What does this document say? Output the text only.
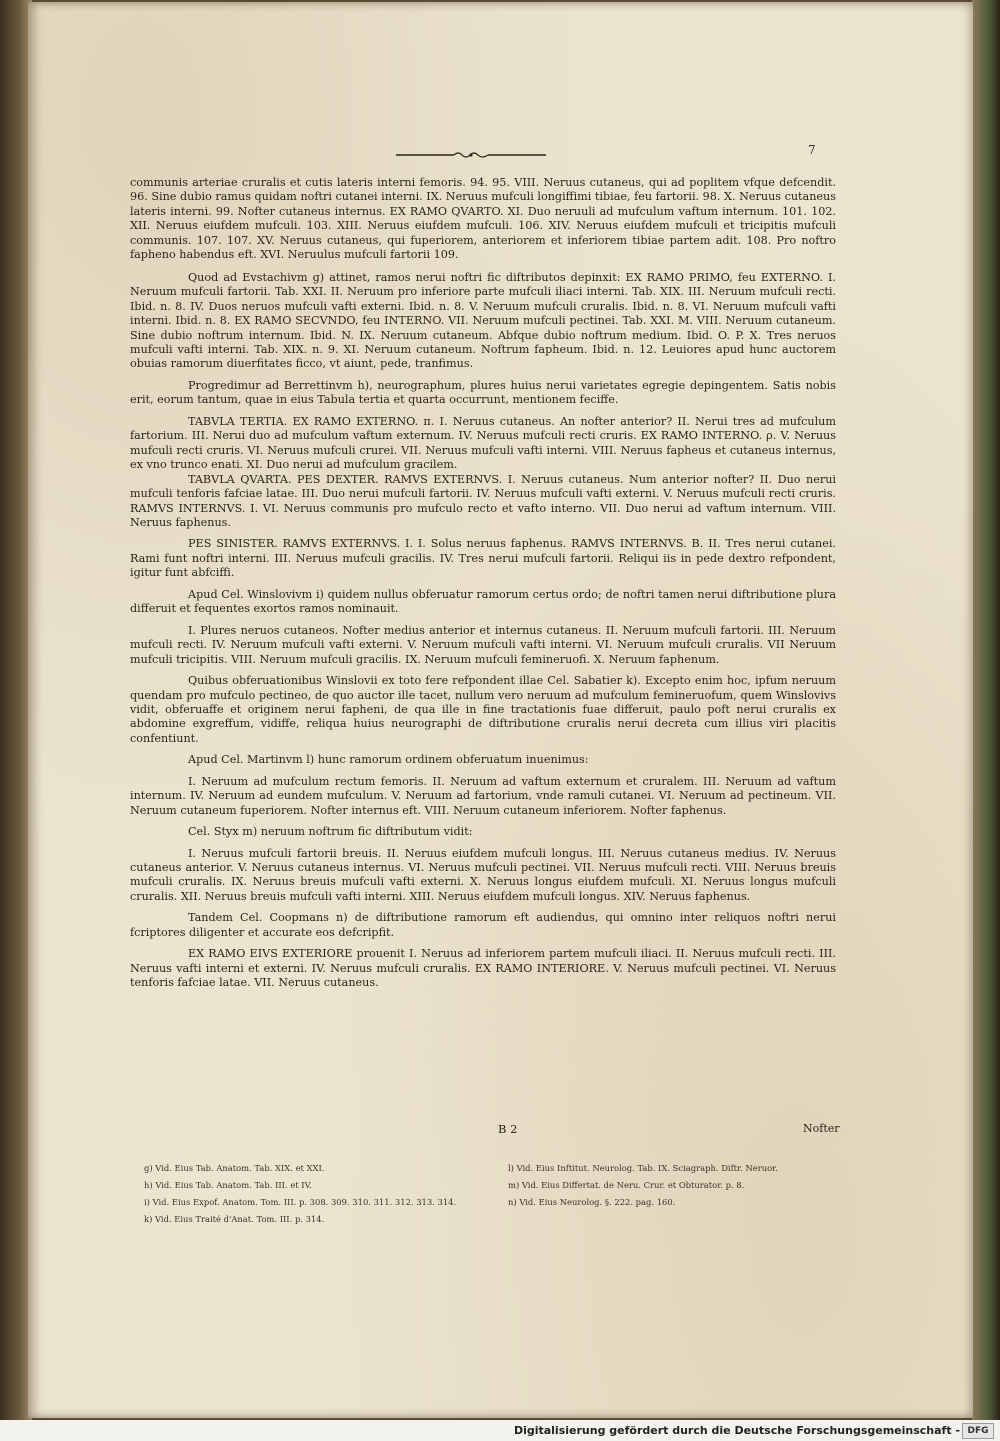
7

communis arteriae cruralis et cutis lateris interni femoris. 94. 95. VIII. Neruus cutaneus, qui ad poplitem vfque defcendit. 96. Sine dubio ramus quidam noftri cutanei interni. IX. Neruus mufculi longiffimi tibiae, feu fartorii. 98. X. Neruus cutaneus lateris interni. 99. Nofter cutaneus internus. EX RAMO QVARTO. XI. Duo neruuli ad mufculum vaftum internum. 101. 102. XII. Neruus eiufdem mufculi. 103. XIII. Neruus eiufdem mufculi. 106. XIV. Neruus eiufdem mufculi et tricipitis mufculi communis. 107. 107. XV. Neruus cutaneus, qui fuperiorem, anteriorem et inferiorem tibiae partem adit. 108. Pro noftro fapheno habendus eft. XVI. Neruulus mufculi fartorii 109.

Quod ad Evstachivm g) attinet, ramos nerui noftri fic diftributos depinxit: EX RAMO PRIMO, feu EXTERNO. I. Neruum mufculi fartorii. Tab. XXI. II. Neruum pro inferiore parte mufculi iliaci interni. Tab. XIX. III. Neruum mufculi recti. Ibid. n. 8. IV. Duos neruos mufculi vafti externi. Ibid. n. 8. V. Neruum mufculi cruralis. Ibid. n. 8. VI. Neruum mufculi vafti interni. Ibid. n. 8. EX RAMO SECVNDO, feu INTERNO. VII. Neruum mufculi pectinei. Tab. XXI. M. VIII. Neruum cutaneum. Sine dubio noftrum internum. Ibid. N. IX. Neruum cutaneum. Abfque dubio noftrum medium. Ibid. O. P. X. Tres neruos mufculi vafti interni. Tab. XIX. n. 9. XI. Neruum cutaneum. Noftrum fapheum. Ibid. n. 12. Leuiores apud hunc auctorem obuias ramorum diuerfitates ficco, vt aiunt, pede, tranfimus.

Progredimur ad Berrettinvm h), neurographum, plures huius nerui varietates egregie depingentem. Satis nobis erit, eorum tantum, quae in eius Tabula tertia et quarta occurrunt, mentionem feciffe.

TABVLA TERTIA. EX RAMO EXTERNO. π. I. Neruus cutaneus. An nofter anterior? II. Nerui tres ad mufculum fartorium. III. Nerui duo ad mufculum vaftum externum. IV. Neruus mufculi recti cruris. EX RAMO INTERNO. ρ. V. Neruus mufculi recti cruris. VI. Neruus mufculi crurei. VII. Neruus mufculi vafti interni. VIII. Neruus fapheus et cutaneus internus, ex vno trunco enati. XI. Duo nerui ad mufculum gracilem.

TABVLA QVARTA. PES DEXTER. RAMVS EXTERNVS. I. Neruus cutaneus. Num anterior nofter? II. Duo nerui mufculi tenforis fafciae latae. III. Duo nerui mufculi fartorii. IV. Neruus mufculi vafti externi. V. Neruus mufculi recti cruris. RAMVS INTERNVS. I. VI. Neruus communis pro mufculo recto et vafto interno. VII. Duo nerui ad vaftum internum. VIII. Neruus faphenus.

PES SINISTER. RAMVS EXTERNVS. I. I. Solus neruus faphenus. RAMVS INTERNVS. B. II. Tres nerui cutanei. Rami funt noftri interni. III. Neruus mufculi gracilis. IV. Tres nerui mufculi fartorii. Reliqui iis in pede dextro refpondent, igitur funt abfciffi.

Apud Cel. Winslovivm i) quidem nullus obferuatur ramorum certus ordo; de noftri tamen nerui diftributione plura differuit et fequentes exortos ramos nominauit.

I. Plures neruos cutaneos. Nofter medius anterior et internus cutaneus. II. Neruum mufculi fartorii. III. Neruum mufculi recti. IV. Neruum mufculi vafti externi. V. Neruum mufculi vafti interni. VI. Neruum mufculi cruralis. VII Neruum mufculi tricipitis. VIII. Neruum mufculi gracilis. IX. Neruum mufculi femineruofi. X. Neruum faphenum.

Quibus obferuationibus Winslovii ex toto fere refpondent illae Cel. Sabatier k). Excepto enim hoc, ipfum neruum quendam pro mufculo pectineo, de quo auctor ille tacet, nullum vero neruum ad mufculum femineruofum, quem Winslovivs vidit, obferuaffe et originem nerui fapheni, de qua ille in fine tractationis fuae differuit, paulo poft nerui cruralis ex abdomine exgreffum, vidiffe, reliqua huius neurographi de diftributione cruralis nerui decreta cum illius viri placitis confentiunt.

Apud Cel. Martinvm l) hunc ramorum ordinem obferuatum inuenimus:

I. Neruum ad mufculum rectum femoris. II. Neruum ad vaftum externum et cruralem. III. Neruum ad vaftum internum. IV. Neruum ad eundem mufculum. V. Neruum ad fartorium, vnde ramuli cutanei. VI. Neruum ad pectineum. VII. Neruum cutaneum fuperiorem. Nofter internus eft. VIII. Neruum cutaneum inferiorem. Nofter faphenus.

Cel. Styx m) neruum noftrum fic diftributum vidit:

I. Neruus mufculi fartorii breuis. II. Neruus eiufdem mufculi longus. III. Neruus cutaneus medius. IV. Neruus cutaneus anterior. V. Neruus cutaneus internus. VI. Neruus mufculi pectinei. VII. Neruus mufculi recti. VIII. Neruus breuis mufculi cruralis. IX. Neruus breuis mufculi vafti externi. X. Neruus longus eiufdem mufculi. XI. Neruus longus mufculi cruralis. XII. Neruus breuis mufculi vafti interni. XIII. Neruus eiufdem mufculi longus. XIV. Neruus faphenus.

Tandem Cel. Coopmans n) de diftributione ramorum eft audiendus, qui omnino inter reliquos noftri nerui fcriptores diligenter et accurate eos defcripfit.

EX RAMO EIVS EXTERIORE prouenit I. Neruus ad inferiorem partem mufculi iliaci. II. Neruus mufculi recti. III. Neruus vafti interni et externi. IV. Neruus mufculi cruralis. EX RAMO INTERIORE. V. Neruus mufculi pectinei. VI. Neruus tenforis fafciae latae. VII. Neruus cutaneus.

B 2	Nofter
g) Vid. Eius Tab. Anatom. Tab. XIX. et XXI.
h) Vid. Eius Tab. Anatom. Tab. III. et IV.
i) Vid. Eius Expof. Anatom. Tom. III. p. 308. 309. 310. 311. 312. 313. 314.
k) Vid. Eius Traité d'Anat. Tom. III. p. 314.
l) Vid. Eius Inftitut. Neurolog. Tab. IX. Sciagraph. Diftr. Neruor.
m) Vid. Eius Differtat. de Neru. Crur. et Obturator. p. 8.
n) Vid. Eius Neurolog. §. 222. pag. 160.
Digitalisierung gefördert durch die Deutsche Forschungsgemeinschaft - DFG
